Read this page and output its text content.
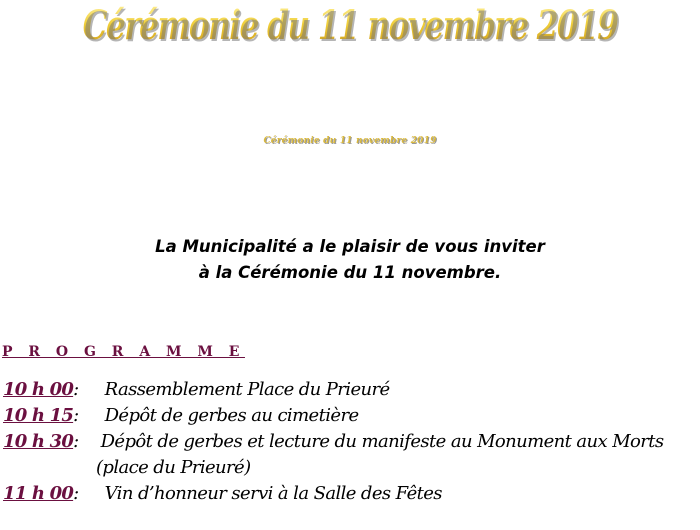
Cérémonie du 11 novembre 2019
Cérémonie du 11 novembre 2019
La Municipalité a le plaisir de vous inviter
à la Cérémonie du 11 novembre.
P R O G R A M M E
10 h 00 : Rassemblement Place du Prieuré
10 h 15 : Dépôt de gerbes au cimetière
10 h 30 : Dépôt de gerbes et lecture du manifeste au Monument aux Morts
(place du Prieuré)
11 h 00 : Vin d’honneur servi à la Salle des Fêtes
